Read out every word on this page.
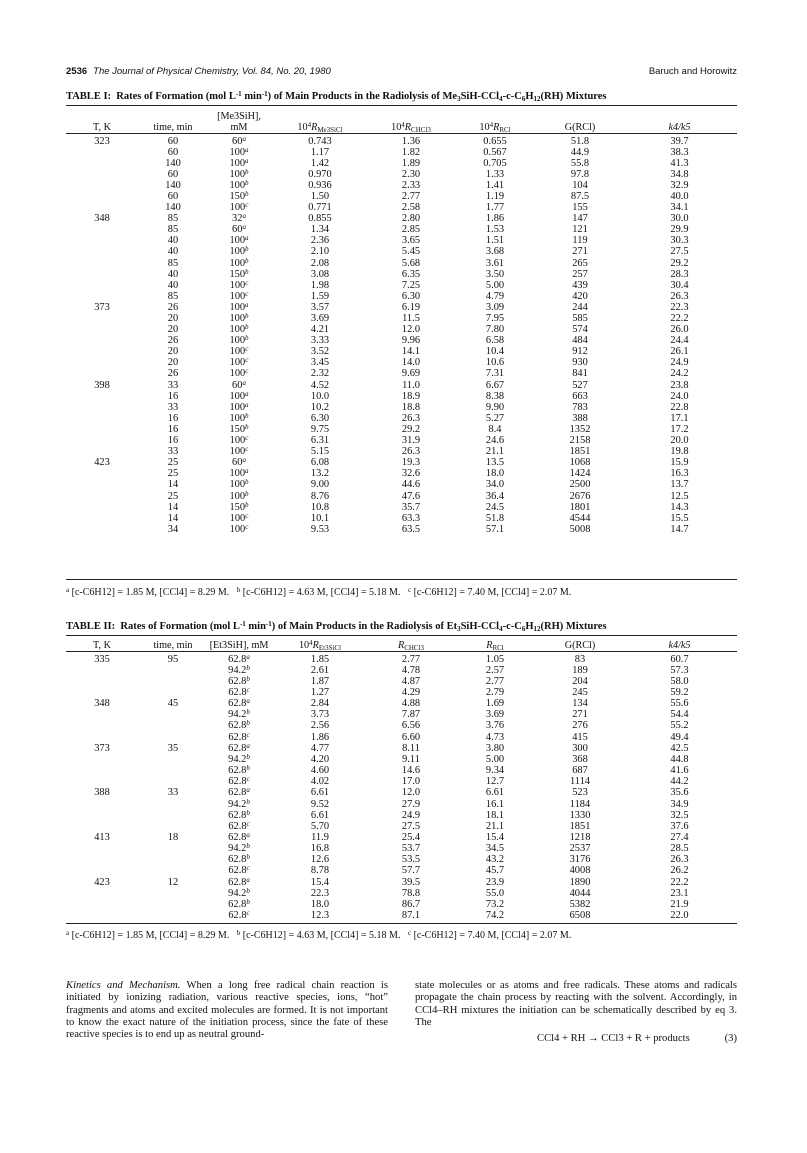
2536 The Journal of Physical Chemistry, Vol. 84, No. 20, 1980	Baruch and Horowitz
TABLE I: Rates of Formation (mol $L^{-1}$ $\min^{-1}$) of Main Products in the Radiolysis of $Me_3SiH-CCl_4-c-C_6H_{12}(RH)$ Mixtures
T, K	time, min	[Me3SiH],
mM	$10^4R_{Me3SiCl}$	$10^4R_{CHCl3}$	$10^4R_{RCl}$	G(RCl)	k4/k5

323	60	60$^a$	0.743	1.36	0.655	51.8	39.7
	60	100$^a$	1.17	1.82	0.567	44.9	38.3
	140	100$^a$	1.42	1.89	0.705	55.8	41.3
	60	100$^b$	0.970	2.30	1.33	97.8	34.8
	140	100$^b$	0.936	2.33	1.41	104	32.9
	60	150$^b$	1.50	2.77	1.19	87.5	40.0
	140	100$^c$	0.771	2.58	1.77	155	34.1
348	85	32$^a$	0.855	2.80	1.86	147	30.0
	85	60$^a$	1.34	2.85	1.53	121	29.9
	40	100$^a$	2.36	3.65	1.51	119	30.3
	40	100$^b$	2.10	5.45	3.68	271	27.5
	85	100$^b$	2.08	5.68	3.61	265	29.2
	40	150$^b$	3.08	6.35	3.50	257	28.3
	40	100$^c$	1.98	7.25	5.00	439	30.4
	85	100$^c$	1.59	6.30	4.79	420	26.3
373	26	100$^a$	3.57	6.19	3.09	244	22.3
	20	100$^b$	3.69	11.5	7.95	585	22.2
	20	100$^b$	4.21	12.0	7.80	574	26.0
	26	100$^b$	3.33	9.96	6.58	484	24.4
	20	100$^c$	3.52	14.1	10.4	912	26.1
	20	100$^c$	3.45	14.0	10.6	930	24.9
	26	100$^c$	2.32	9.69	7.31	841	24.2
398	33	60$^a$	4.52	11.0	6.67	527	23.8
	16	100$^a$	10.0	18.9	8.38	663	24.0
	33	100$^a$	10.2	18.8	9.90	783	22.8
	16	100$^b$	6.30	26.3	5.27	388	17.1
	16	150$^b$	9.75	29.2	8.4	1352	17.2
	16	100$^c$	6.31	31.9	24.6	2158	20.0
	33	100$^c$	5.15	26.3	21.1	1851	19.8
423	25	60$^a$	6.08	19.3	13.5	1068	15.9
	25	100$^a$	13.2	32.6	18.0	1424	16.3
	14	100$^b$	9.00	44.6	34.0	2500	13.7
	25	100$^b$	8.76	47.6	36.4	2676	12.5
	14	150$^b$	10.8	35.7	24.5	1801	14.3
	14	100$^c$	10.1	63.3	51.8	4544	15.5
	34	100$^c$	9.53	63.5	57.1	5008	14.7
$^a$ [c-C6H12] = 1.85 M, [CCl4] = 8.29 M. $^b$ [c-C6H12] = 4.63 M, [CCl4] = 5.18 M. $^c$ [c-C6H12] = 7.40 M, [CCl4] = 2.07 M.
TABLE II: Rates of Formation (mol $L^{-1}$ $\min^{-1}$) of Main Products in the Radiolysis of $Et_3SiH-CCl_4-c-C_6H_{12}(RH)$ Mixtures
T, K	time, min	[Et3SiH], mM	$10^4R_{Et3SiCl}$	$R_{CHCl3}$	$R_{RCl}$	G(RCl)	k4/k5

335	95	62.8$^a$	1.85	2.77	1.05	83	60.7
		94.2$^b$	2.61	4.78	2.57	189	57.3
		62.8$^b$	1.87	4.87	2.77	204	58.0
		62.8$^c$	1.27	4.29	2.79	245	59.2
348	45	62.8$^a$	2.84	4.88	1.69	134	55.6
		94.2$^b$	3.73	7.87	3.69	271	54.4
		62.8$^b$	2.56	6.56	3.76	276	55.2
		62.8$^c$	1.86	6.60	4.73	415	49.4
373	35	62.8$^a$	4.77	8.11	3.80	300	42.5
		94.2$^b$	4.20	9.11	5.00	368	44.8
		62.8$^b$	4.60	14.6	9.34	687	41.6
		62.8$^c$	4.02	17.0	12.7	1114	44.2
388	33	62.8$^a$	6.61	12.0	6.61	523	35.6
		94.2$^b$	9.52	27.9	16.1	1184	34.9
		62.8$^b$	6.61	24.9	18.1	1330	32.5
		62.8$^c$	5.70	27.5	21.1	1851	37.6
413	18	62.8$^a$	11.9	25.4	15.4	1218	27.4
		94.2$^b$	16.8	53.7	34.5	2537	28.5
		62.8$^b$	12.6	53.5	43.2	3176	26.3
		62.8$^c$	8.78	57.7	45.7	4008	26.2
423	12	62.8$^a$	15.4	39.5	23.9	1890	22.2
		94.2$^b$	22.3	78.8	55.0	4044	23.1
		62.8$^b$	18.0	86.7	73.2	5382	21.9
		62.8$^c$	12.3	87.1	74.2	6508	22.0
$^a$ [c-C6H12] = 1.85 M, [CCl4] = 8.29 M. $^b$ [c-C6H12] = 4.63 M, [CCl4] = 5.18 M. $^c$ [c-C6H12] = 7.40 M, [CCl4] = 2.07 M.

Kinetics and Mechanism. When a long free radical chain reaction is initiated by ionizing radiation, various reactive species, ions, “hot” fragments and atoms and excited molecules are formed. It is not important to know the exact nature of the initiation process, since the fate of these reactive species is to end up as neutral ground-

state molecules or as atoms and free radicals. These atoms and radicals propagate the chain process by reacting with the solvent. Accordingly, in CCl4–RH mixtures the initiation can be schematically described by eq 3. The

CCl4 + RH → CCl3 + R + products	(3)
